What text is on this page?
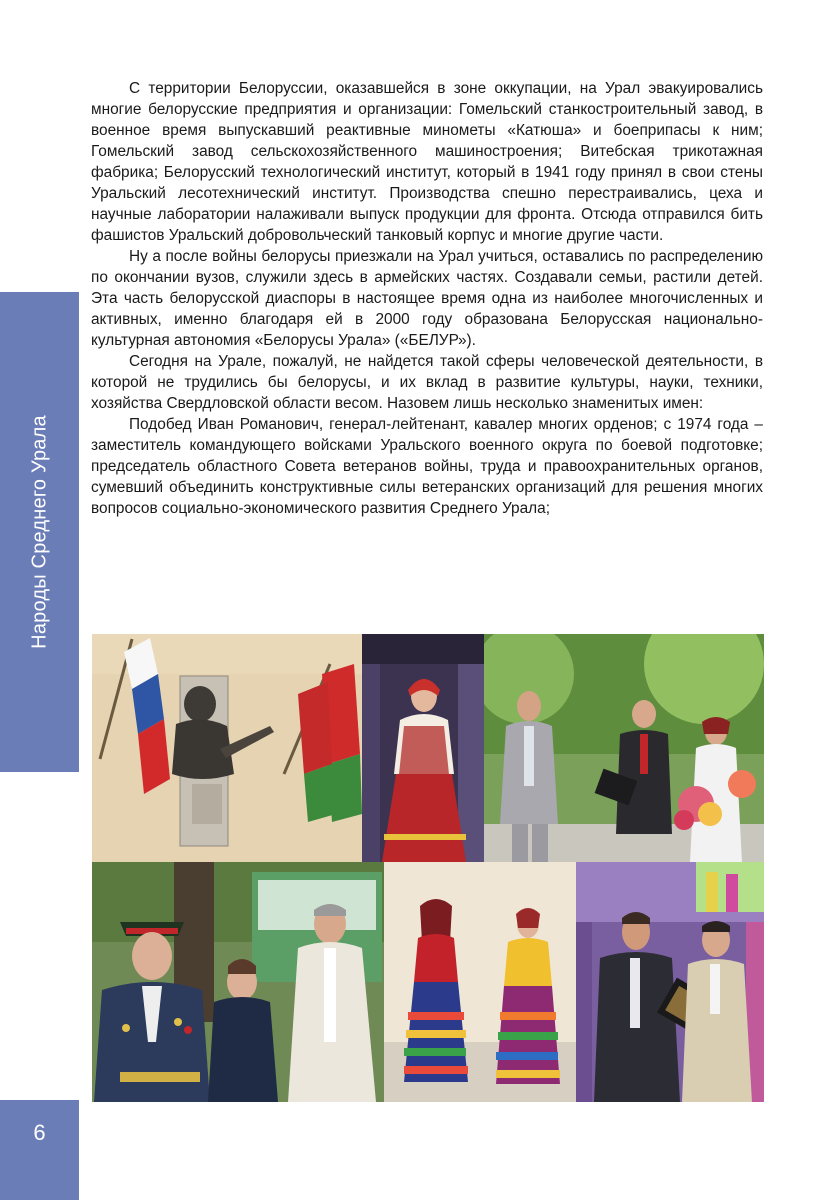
Народы Среднего Урала
6

С территории Белоруссии, оказавшейся в зоне оккупации, на Урал эвакуировались многие белорусские предприятия и организации: Гомельский станкостроительный завод, в военное время выпускавший реактивные минометы «Катюша» и боеприпасы к ним; Гомельский завод сельскохозяйственного машиностроения; Витебская трикотажная фабрика; Белорусский технологический институт, который в 1941 году принял в свои стены Уральский лесотехнический институт. Производства спешно перестраивались, цеха и научные лаборатории налаживали выпуск продукции для фронта. Отсюда отправился бить фашистов Уральский добровольческий танковый корпус и многие другие части.

Ну а после войны белорусы приезжали на Урал учиться, оставались по распределению по окончании вузов, служили здесь в армейских частях. Создавали семьи, растили детей. Эта часть белорусской диаспоры в настоящее время одна из наиболее многочисленных и активных, именно благодаря ей в 2000 году образована Белорусская национально-культурная автономия «Белорусы Урала» («БЕЛУР»).

Сегодня на Урале, пожалуй, не найдется такой сферы человеческой деятельности, в которой не трудились бы белорусы, и их вклад в развитие культуры, науки, техники, хозяйства Свердловской области весом. Назовем лишь несколько знаменитых имен:

Подобед Иван Романович, генерал-лейтенант, кавалер многих орденов; с 1974 года – заместитель командующего войсками Уральского военного округа по боевой подготовке; председатель областного Совета ветеранов войны, труда и правоохранительных органов, сумевший объединить конструктивные силы ветеранских организаций для решения многих вопросов социально-экономического развития Среднего Урала;
